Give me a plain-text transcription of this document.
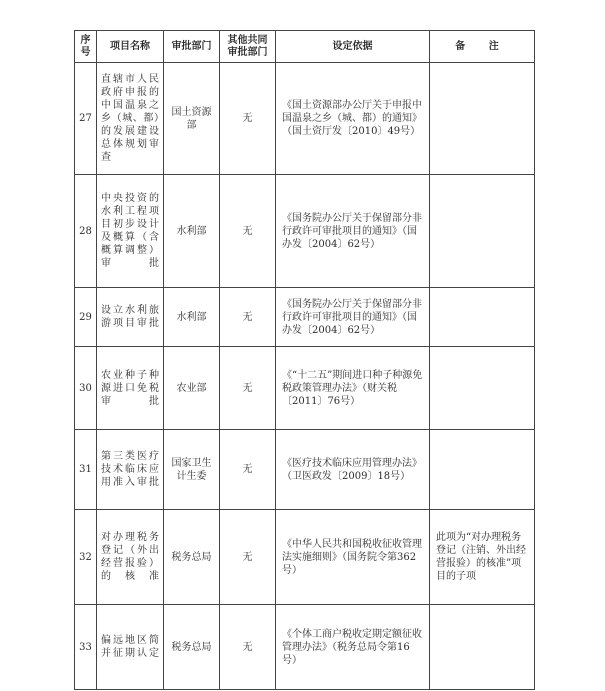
序号	项目名称	审批部门	其他共同审批部门	设定依据	备 注
27	直辖市人民政府申报的中国温泉之乡（城、都）的发展建设总体规划审查	国土资源部	无	《国土资源部办公厅关于申报中国温泉之乡（城、都）的通知》（国土资厅发〔2010〕49号）	

28	中央投资的水利工程项目初步设计及概算（含概算调整）审批	水利部	无	《国务院办公厅关于保留部分非行政许可审批项目的通知》（国办发〔2004〕62号）	

29	设立水利旅游项目审批	水利部	无	《国务院办公厅关于保留部分非行政许可审批项目的通知》（国办发〔2004〕62号）	

30	农业种子种源进口免税审批	农业部	无	《“十二五”期间进口种子种源免税政策管理办法》（财关税〔2011〕76号）	

31	第三类医疗技术临床应用准入审批	国家卫生计生委	无	《医疗技术临床应用管理办法》（卫医政发〔2009〕18号）	

32	对办理税务登记（外出经营报验）的核准	税务总局	无	《中华人民共和国税收征收管理法实施细则》（国务院令第362号）	此项为“对办理税务登记（注销、外出经营报验）的核准”项目的子项

33	偏远地区简并征期认定	税务总局	无	《个体工商户税收定期定额征收管理办法》（税务总局令第16号）	
